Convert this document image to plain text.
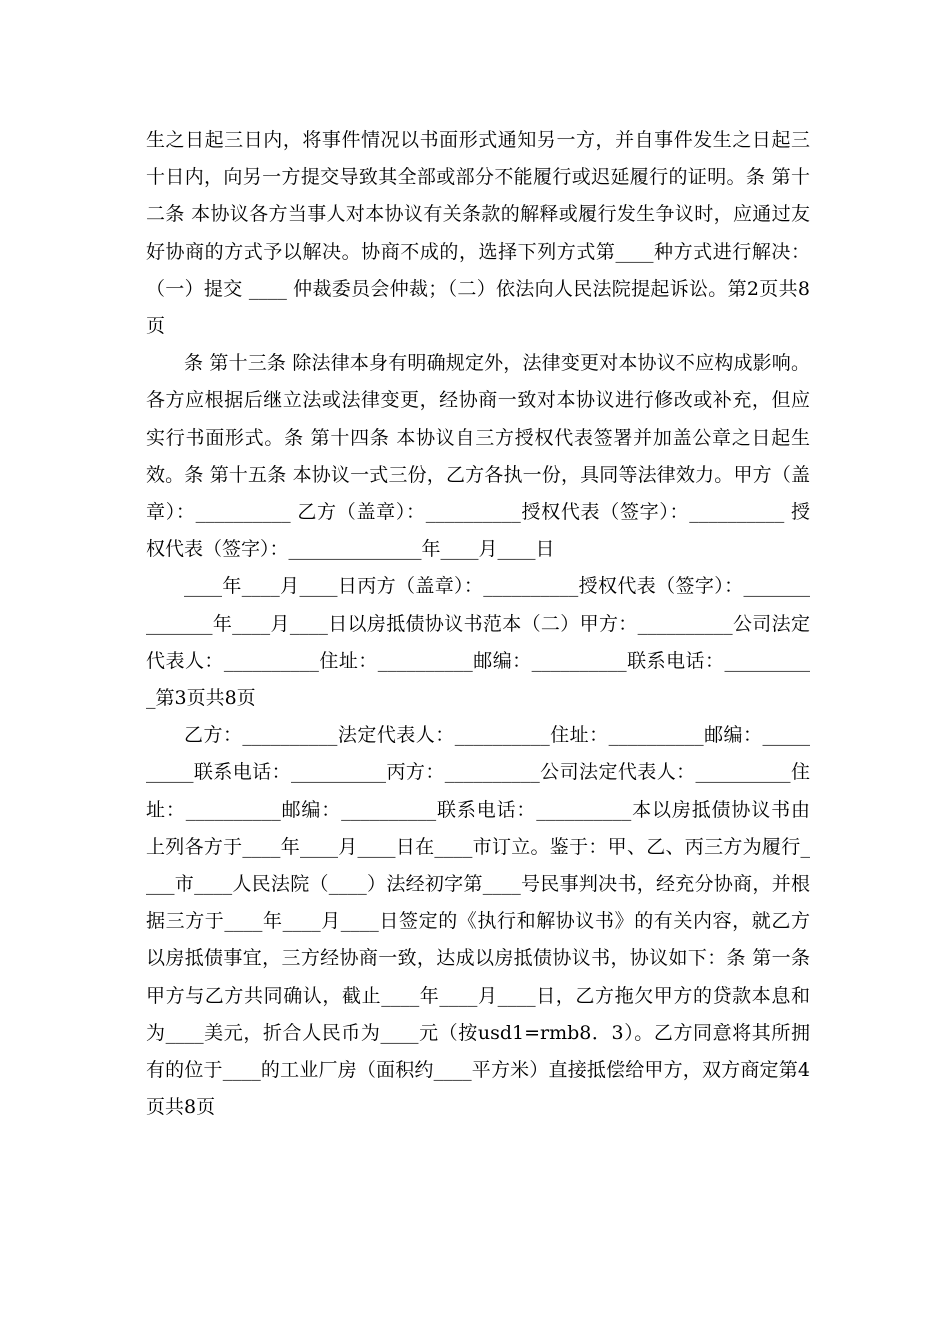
生之日起三日内，将事件情况以书面形式通知另一方，并自事件发生之日起三十日内，向另一方提交导致其全部或部分不能履行或迟延履行的证明。条 第十二条 本协议各方当事人对本协议有关条款的解释或履行发生争议时，应通过友好协商的方式予以解决。协商不成的，选择下列方式第____种方式进行解决：（一）提交 ____ 仲裁委员会仲裁；（二）依法向人民法院提起诉讼。第2页共8页

条 第十三条 除法律本身有明确规定外，法律变更对本协议不应构成影响。各方应根据后继立法或法律变更，经协商一致对本协议进行修改或补充，但应实行书面形式。条 第十四条 本协议自三方授权代表签署并加盖公章之日起生效。条 第十五条 本协议一式三份，乙方各执一份，具同等法律效力。甲方（盖章）：__________ 乙方（盖章）：__________授权代表（签字）：__________ 授权代表（签字）：______________年____月____日

____年____月____日丙方（盖章）：__________授权代表（签字）：______________年____月____日以房抵债协议书范本（二）甲方：__________公司法定代表人：__________住址：__________邮编：__________联系电话：__________第3页共8页

乙方：__________法定代表人：__________住址：__________邮编：__________联系电话：__________丙方：__________公司法定代表人：__________住址：__________邮编：__________联系电话：__________本以房抵债协议书由上列各方于____年____月____日在____市订立。鉴于：甲、乙、丙三方为履行____市____人民法院（____）法经初字第____号民事判决书，经充分协商，并根据三方于____年____月____日签定的《执行和解协议书》的有关内容，就乙方以房抵债事宜，三方经协商一致，达成以房抵债协议书，协议如下：条 第一条 甲方与乙方共同确认，截止____年____月____日，乙方拖欠甲方的贷款本息和为____美元，折合人民币为____元（按usd1=rmb8．3）。乙方同意将其所拥有的位于____的工业厂房（面积约____平方米）直接抵偿给甲方，双方商定第4页共8页
